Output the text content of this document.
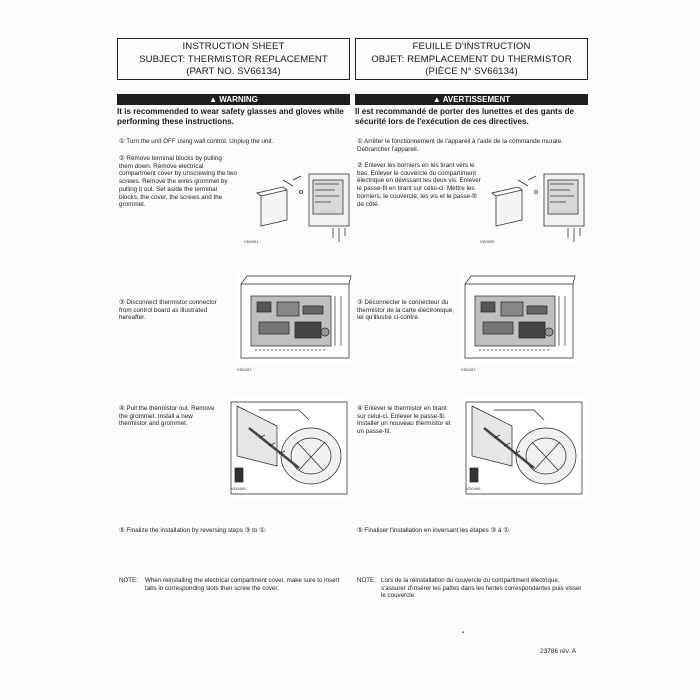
INSTRUCTION SHEET
SUBJECT: THERMISTOR REPLACEMENT
(PART NO. SV66134)
▲ WARNING
It is recommended to wear safety glasses and gloves while performing these instructions.
FEUILLE D'INSTRUCTION
OBJET: REMPLACEMENT DU THERMISTOR
(PIÈCE N° SV66134)
▲ AVERTISSEMENT
Il est recommandé de porter des lunettes et des gants de sécurité lors de l'exécution de ces directives.
① Turn the unit OFF using wall control. Unplug the unit.
② Remove terminal blocks by pulling them down. Remove electrical compartment cover by unscrewing the two screws. Remove the wires grommet by pulling it out. Set aside the terminal blocks, the cover, the screws and the grommet.
③ Disconnect thermistor connector from control board as illustrated hereafter.
④ Pull the thermistor out. Remove the grommet. Install a new thermistor and grommet.
⑤ Finalize the installation by reversing steps ③ to ①.
① Arrêter le fonctionnement de l'appareil à l'aide de la commande murale. Débrancher l'appareil.
② Enlever les borniers en les tirant vers le bas. Enlever le couvercle du compartiment électrique en dévissant les deux vis. Enlever le passe-fil en tirant sur celui-ci. Mettre les borniers, le couvercle, les vis et le passe-fil de côté.
③ Déconnecter le connecteur du thermistor de la carte électronique, tel qu'illustré ci-contre.
④ Enlever le thermistor en tirant sur celui-ci. Enlever le passe-fil. Installer un nouveau thermistor et un passe-fil.
⑤ Finaliser l'installation en inversant les étapes ③ à ①.
VD0091	VD0090
VD0497	VD0497
VD0496	VD0496
NOTE:	When reinstalling the electrical compartment cover, make sure to insert tabs in corresponding slots then screw the cover.
NOTE: Lors de la réinstallation du couvercle du compartiment électrique, s'assurer d'insérer les pattes dans les fentes correspondantes puis visser le couvercle.
▪
23786 rév. A
